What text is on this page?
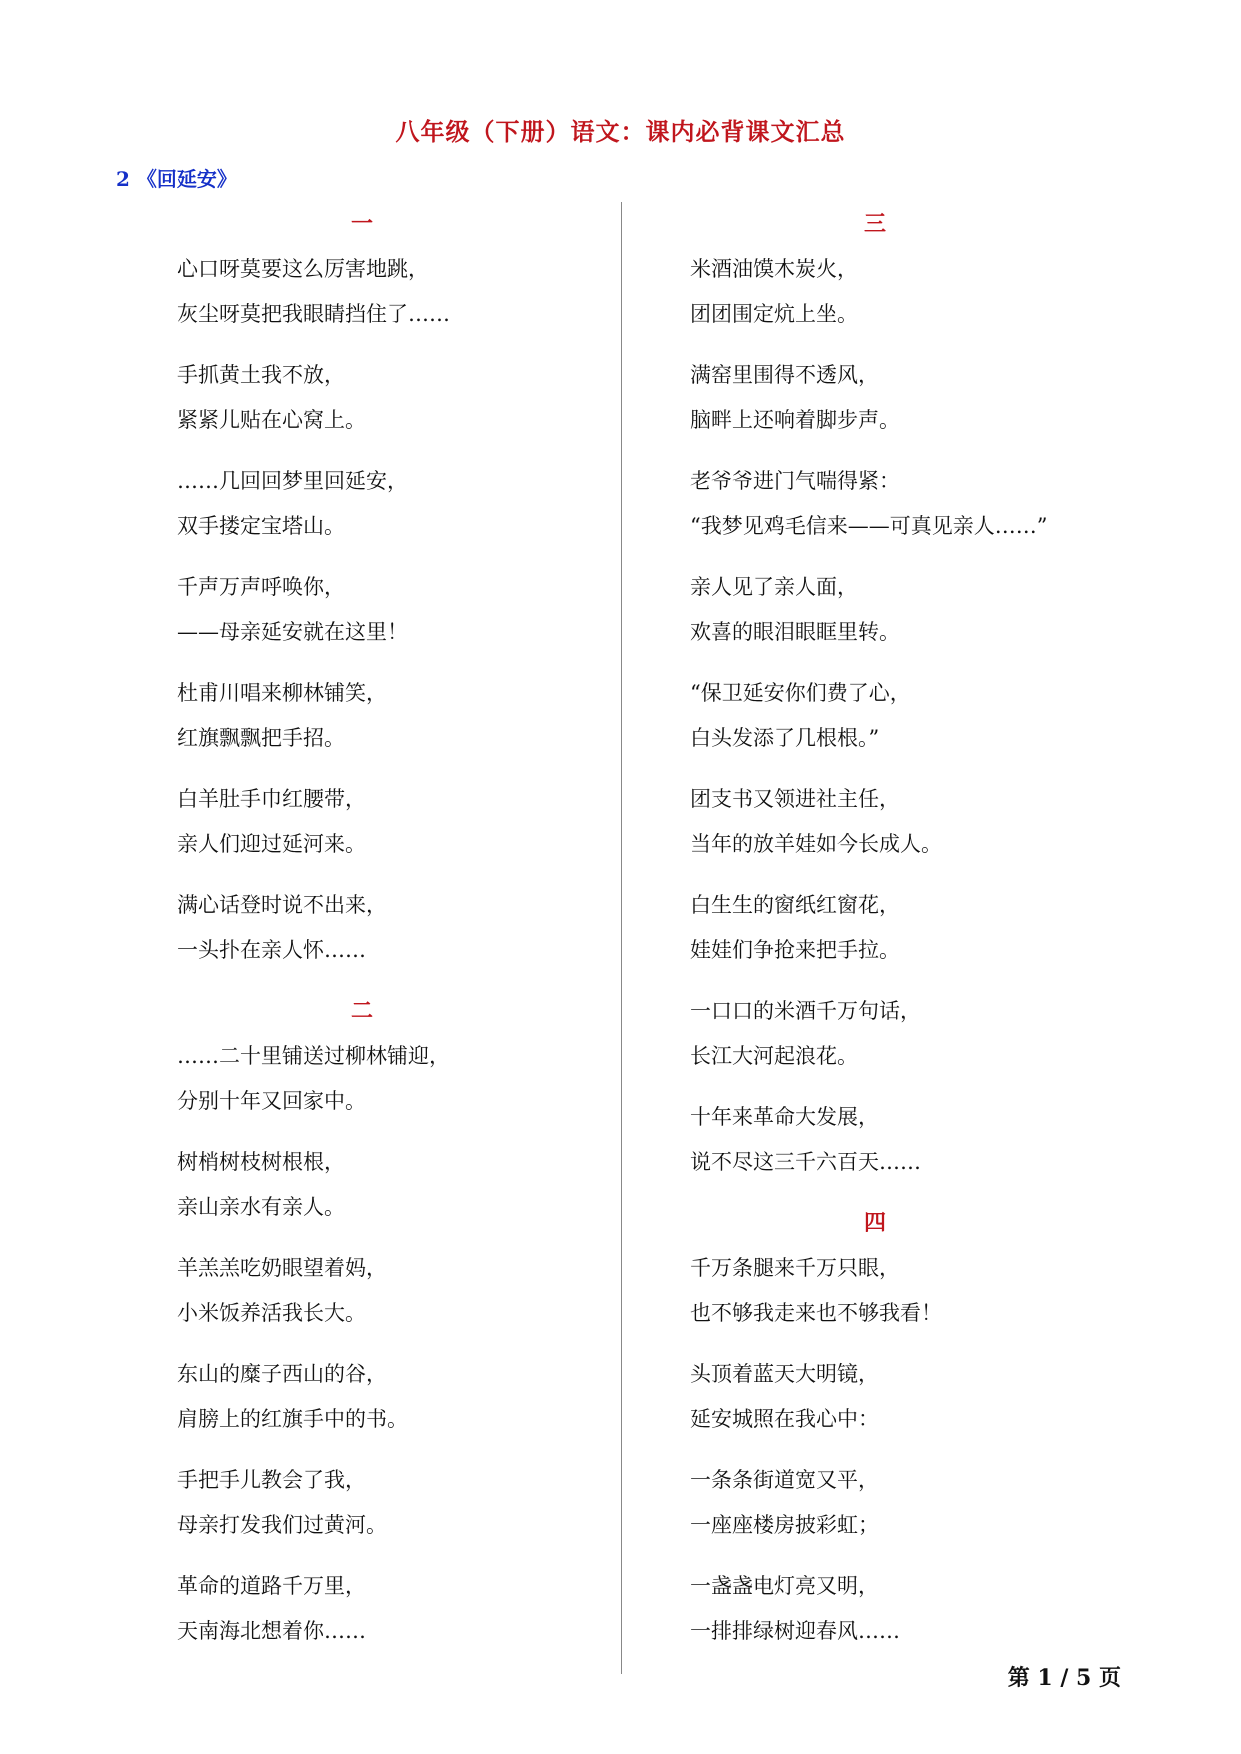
八年级（下册）语文：课内必背课文汇总
2 《回延安》
一
心口呀莫要这么厉害地跳，
灰尘呀莫把我眼睛挡住了……
手抓黄土我不放，
紧紧儿贴在心窝上。
……几回回梦里回延安，
双手搂定宝塔山。
千声万声呼唤你，
——母亲延安就在这里！
杜甫川唱来柳林铺笑，
红旗飘飘把手招。
白羊肚手巾红腰带，
亲人们迎过延河来。
满心话登时说不出来，
一头扑在亲人怀……
二
……二十里铺送过柳林铺迎，
分别十年又回家中。
树梢树枝树根根，
亲山亲水有亲人。
羊羔羔吃奶眼望着妈，
小米饭养活我长大。
东山的糜子西山的谷，
肩膀上的红旗手中的书。
手把手儿教会了我，
母亲打发我们过黄河。
革命的道路千万里，
天南海北想着你……
三
米酒油馍木炭火，
团团围定炕上坐。
满窑里围得不透风，
脑畔上还响着脚步声。
老爷爷进门气喘得紧：
“我梦见鸡毛信来——可真见亲人……”
亲人见了亲人面，
欢喜的眼泪眼眶里转。
“保卫延安你们费了心，
白头发添了几根根。”
团支书又领进社主任，
当年的放羊娃如今长成人。
白生生的窗纸红窗花，
娃娃们争抢来把手拉。
一口口的米酒千万句话，
长江大河起浪花。
十年来革命大发展，
说不尽这三千六百天……
四
千万条腿来千万只眼，
也不够我走来也不够我看！
头顶着蓝天大明镜，
延安城照在我心中：
一条条街道宽又平，
一座座楼房披彩虹；
一盏盏电灯亮又明，
一排排绿树迎春风……
第 1 / 5 页
